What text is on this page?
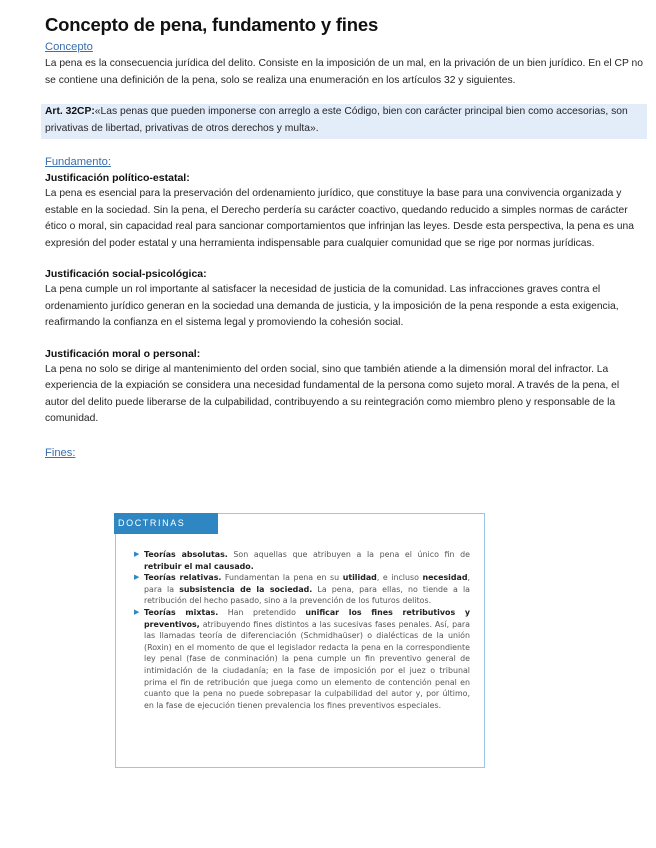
Concepto de pena, fundamento y fines
Concepto

La pena es la consecuencia jurídica del delito. Consiste en la imposición de un mal, en la privación de un bien jurídico. En el CP no se contiene una definición de la pena, solo se realiza una enumeración en los artículos 32 y siguientes.

Art. 32CP:«Las penas que pueden imponerse con arreglo a este Código, bien con carácter principal bien como accesorias, son privativas de libertad, privativas de otros derechos y multa».

Fundamento:
Justificación político-estatal:

La pena es esencial para la preservación del ordenamiento jurídico, que constituye la base para una convivencia organizada y estable en la sociedad. Sin la pena, el Derecho perdería su carácter coactivo, quedando reducido a simples normas de carácter ético o moral, sin capacidad real para sancionar comportamientos que infrinjan las leyes. Desde esta perspectiva, la pena es una expresión del poder estatal y una herramienta indispensable para cualquier comunidad que se rige por normas jurídicas.

Justificación social-psicológica:

La pena cumple un rol importante al satisfacer la necesidad de justicia de la comunidad. Las infracciones graves contra el ordenamiento jurídico generan en la sociedad una demanda de justicia, y la imposición de la pena responde a esta exigencia, reafirmando la confianza en el sistema legal y promoviendo la cohesión social.

Justificación moral o personal:

La pena no solo se dirige al mantenimiento del orden social, sino que también atiende a la dimensión moral del infractor. La experiencia de la expiación se considera una necesidad fundamental de la persona como sujeto moral. A través de la pena, el autor del delito puede liberarse de la culpabilidad, contribuyendo a su reintegración como miembro pleno y responsable de la comunidad.

Fines:
DOCTRINAS
▶ Teorías absolutas. Son aquellas que atribuyen a la pena el único fin de retribuir el mal causado.
▶ Teorías relativas. Fundamentan la pena en su utilidad, e incluso necesidad, para la subsistencia de la sociedad. La pena, para ellas, no tiende a la retribución del hecho pasado, sino a la prevención de los futuros delitos.
▶ Teorías mixtas. Han pretendido unificar los fines retributivos y preventivos, atribuyendo fines distintos a las sucesivas fases penales. Así, para las llamadas teoría de diferenciación (Schmidhaüser) o dialécticas de la unión (Roxin) en el momento de que el legislador redacta la pena en la correspondiente ley penal (fase de conminación) la pena cumple un fin preventivo general de intimidación de la ciudadanía; en la fase de imposición por el juez o tribunal prima el fin de retribución que juega como un elemento de contención penal en cuanto que la pena no puede sobrepasar la culpabilidad del autor y, por último, en la fase de ejecución tienen prevalencia los fines preventivos especiales.
